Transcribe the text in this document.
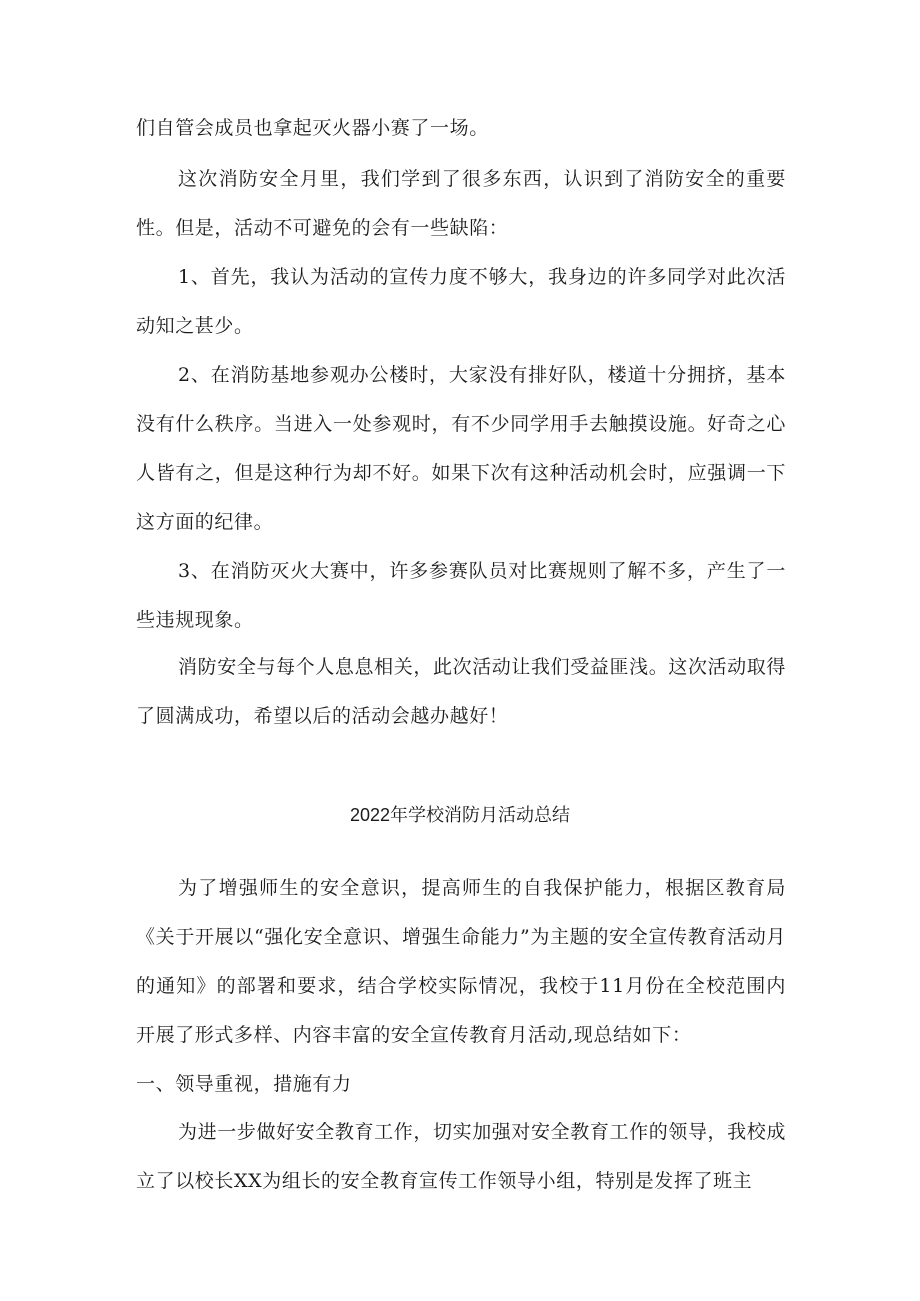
们自管会成员也拿起灭火器小赛了一场。

这次消防安全月里，我们学到了很多东西，认识到了消防安全的重要性。但是，活动不可避免的会有一些缺陷：

1、首先，我认为活动的宣传力度不够大，我身边的许多同学对此次活动知之甚少。

2、在消防基地参观办公楼时，大家没有排好队，楼道十分拥挤，基本没有什么秩序。当进入一处参观时，有不少同学用手去触摸设施。好奇之心人皆有之，但是这种行为却不好。如果下次有这种活动机会时，应强调一下这方面的纪律。

3、在消防灭火大赛中，许多参赛队员对比赛规则了解不多，产生了一些违规现象。

消防安全与每个人息息相关，此次活动让我们受益匪浅。这次活动取得了圆满成功，希望以后的活动会越办越好！

2022年学校消防月活动总结

为了增强师生的安全意识，提高师生的自我保护能力，根据区教育局《关于开展以“强化安全意识、增强生命能力”为主题的安全宣传教育活动月的通知》的部署和要求，结合学校实际情况，我校于11月份在全校范围内开展了形式多样、内容丰富的安全宣传教育月活动,现总结如下：

一、领导重视，措施有力

为进一步做好安全教育工作，切实加强对安全教育工作的领导，我校成立了以校长XX为组长的安全教育宣传工作领导小组，特别是发挥了班主
